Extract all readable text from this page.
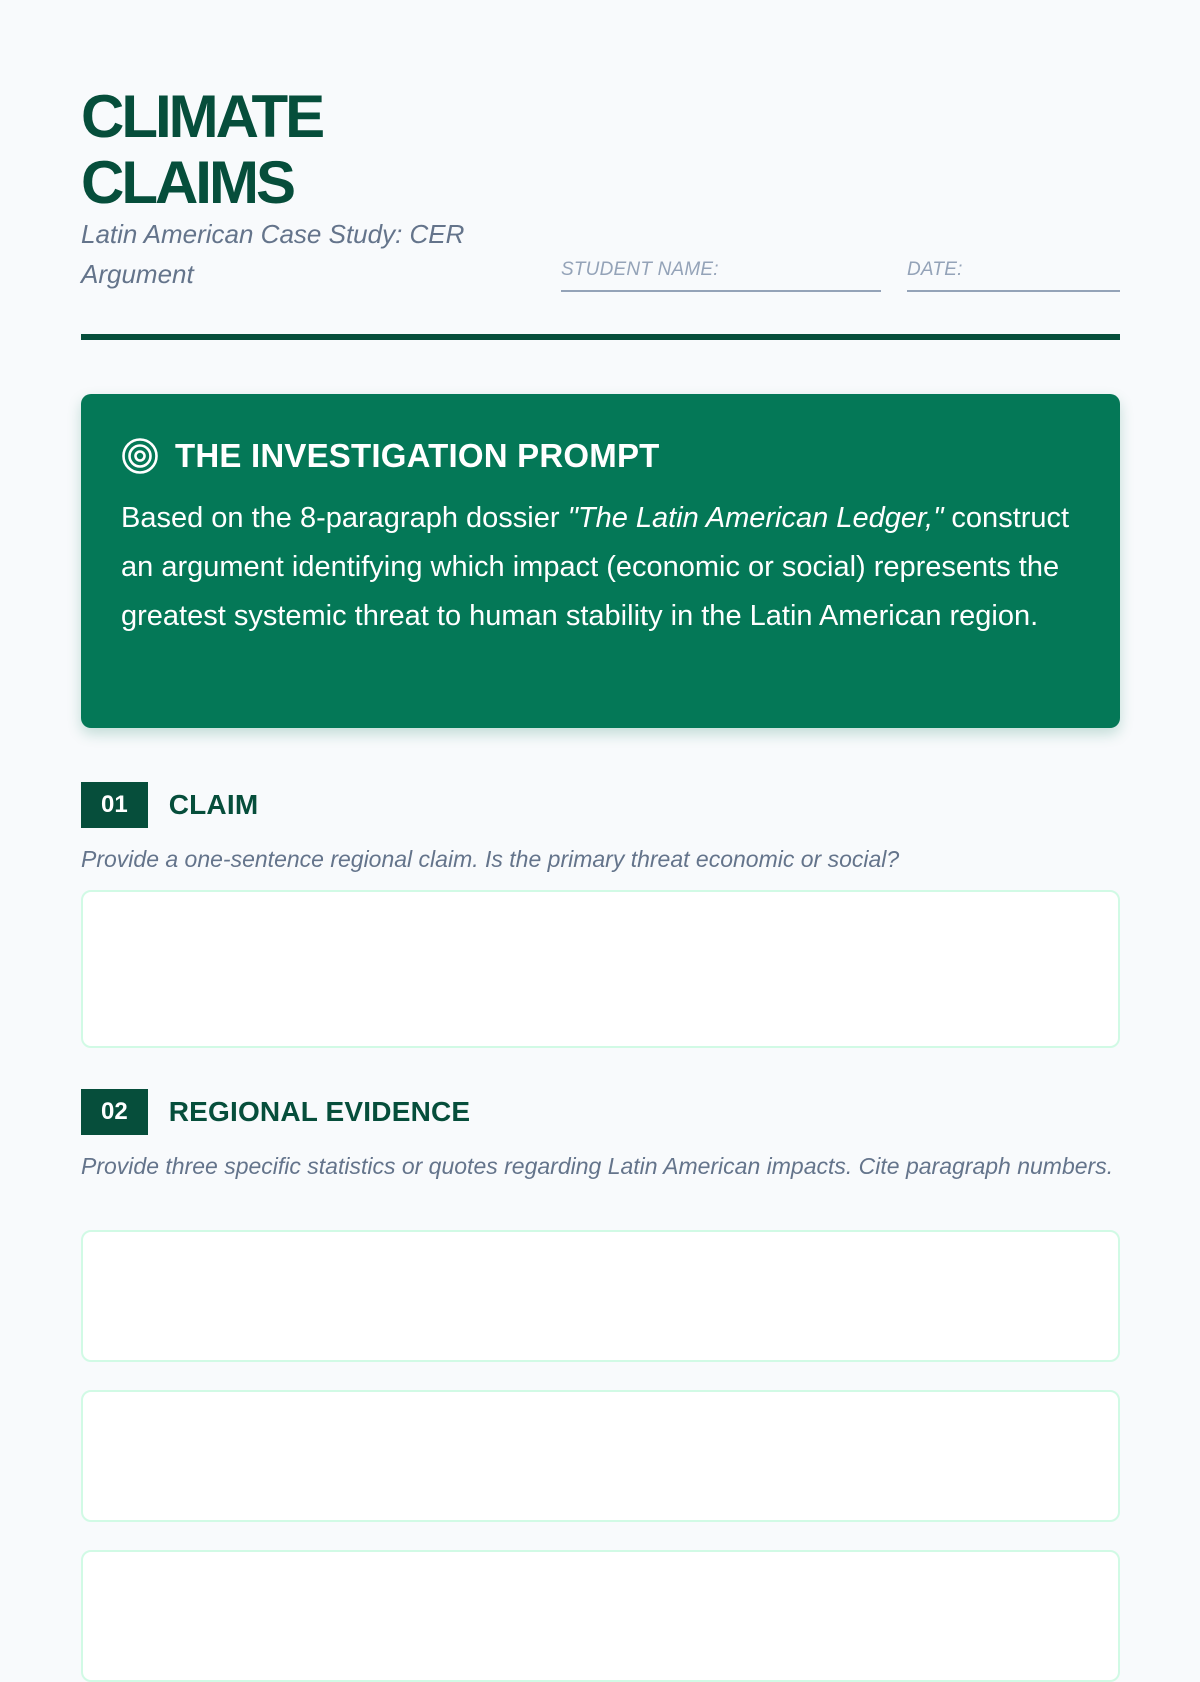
CLIMATE
CLAIMS
Latin American Case Study: CER Argument	STUDENT NAME:	DATE:
THE INVESTIGATION PROMPT
Based on the 8-paragraph dossier "The Latin American Ledger," construct an argument identifying which impact (economic or social) represents the greatest systemic threat to human stability in the Latin American region.
01	CLAIM
Provide a one-sentence regional claim. Is the primary threat economic or social?
02	REGIONAL EVIDENCE
Provide three specific statistics or quotes regarding Latin American impacts. Cite paragraph numbers.
